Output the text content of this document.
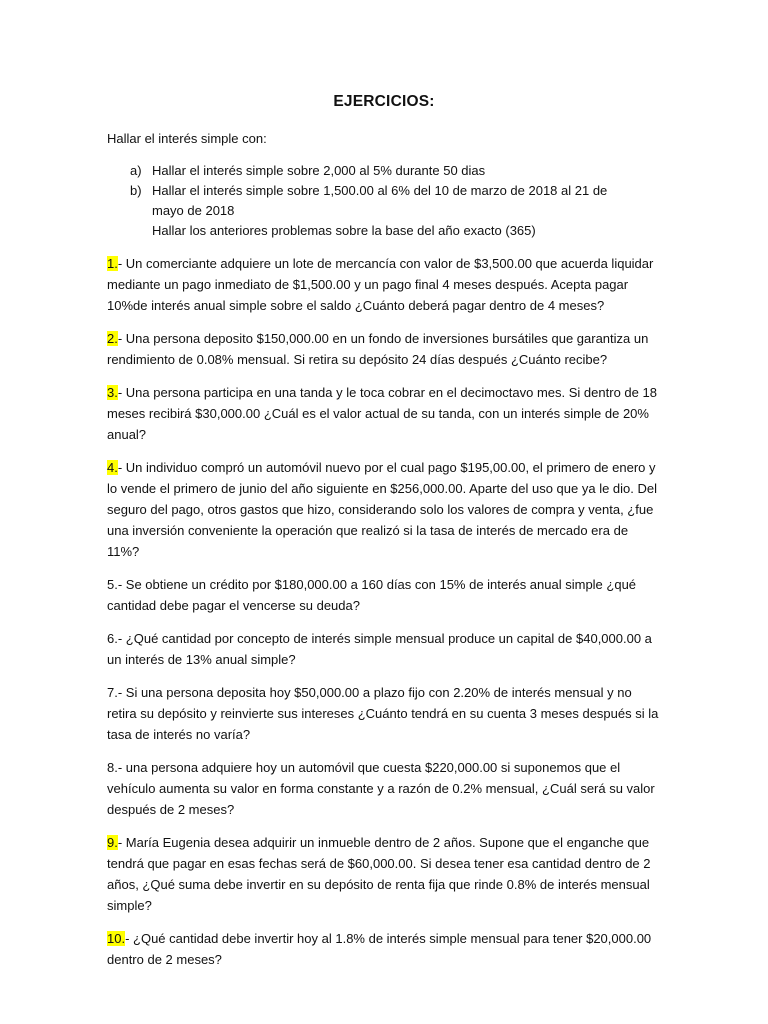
EJERCICIOS:
Hallar el interés simple con:
a) Hallar el interés simple sobre 2,000 al 5% durante 50 dias
b) Hallar el interés simple sobre 1,500.00 al 6% del 10 de marzo de 2018 al 21 de mayo de 2018
Hallar los anteriores problemas sobre la base del año exacto (365)

1.- Un comerciante adquiere un lote de mercancía con valor de $3,500.00 que acuerda liquidar mediante un pago inmediato de $1,500.00 y un pago final 4 meses después. Acepta pagar 10%de interés anual simple sobre el saldo ¿Cuánto deberá pagar dentro de 4 meses?

2.- Una persona deposito $150,000.00 en un fondo de inversiones bursátiles que garantiza un rendimiento de 0.08% mensual. Si retira su depósito 24 días después ¿Cuánto recibe?

3.- Una persona participa en una tanda y le toca cobrar en el decimoctavo mes. Si dentro de 18 meses recibirá $30,000.00 ¿Cuál es el valor actual de su tanda, con un interés simple de 20% anual?

4.- Un individuo compró un automóvil nuevo por el cual pago $195,00.00, el primero de enero y lo vende el primero de junio del año siguiente en $256,000.00. Aparte del uso que ya le dio. Del seguro del pago, otros gastos que hizo, considerando solo los valores de compra y venta, ¿fue una inversión conveniente la operación que realizó si la tasa de interés de mercado era de 11%?

5.- Se obtiene un crédito por $180,000.00 a 160 días con 15% de interés anual simple ¿qué cantidad debe pagar el vencerse su deuda?

6.- ¿Qué cantidad por concepto de interés simple mensual produce un capital de $40,000.00 a un interés de 13% anual simple?

7.- Si una persona deposita hoy $50,000.00 a plazo fijo con 2.20% de interés mensual y no retira su depósito y reinvierte sus intereses ¿Cuánto tendrá en su cuenta 3 meses después si la tasa de interés no varía?

8.- una persona adquiere hoy un automóvil que cuesta $220,000.00 si suponemos que el vehículo aumenta su valor en forma constante y a razón de 0.2% mensual, ¿Cuál será su valor después de 2 meses?

9.- María Eugenia desea adquirir un inmueble dentro de 2 años. Supone que el enganche que tendrá que pagar en esas fechas será de $60,000.00. Si desea tener esa cantidad dentro de 2 años, ¿Qué suma debe invertir en su depósito de renta fija que rinde 0.8% de interés mensual simple?

10.- ¿Qué cantidad debe invertir hoy al 1.8% de interés simple mensual para tener $20,000.00 dentro de 2 meses?
